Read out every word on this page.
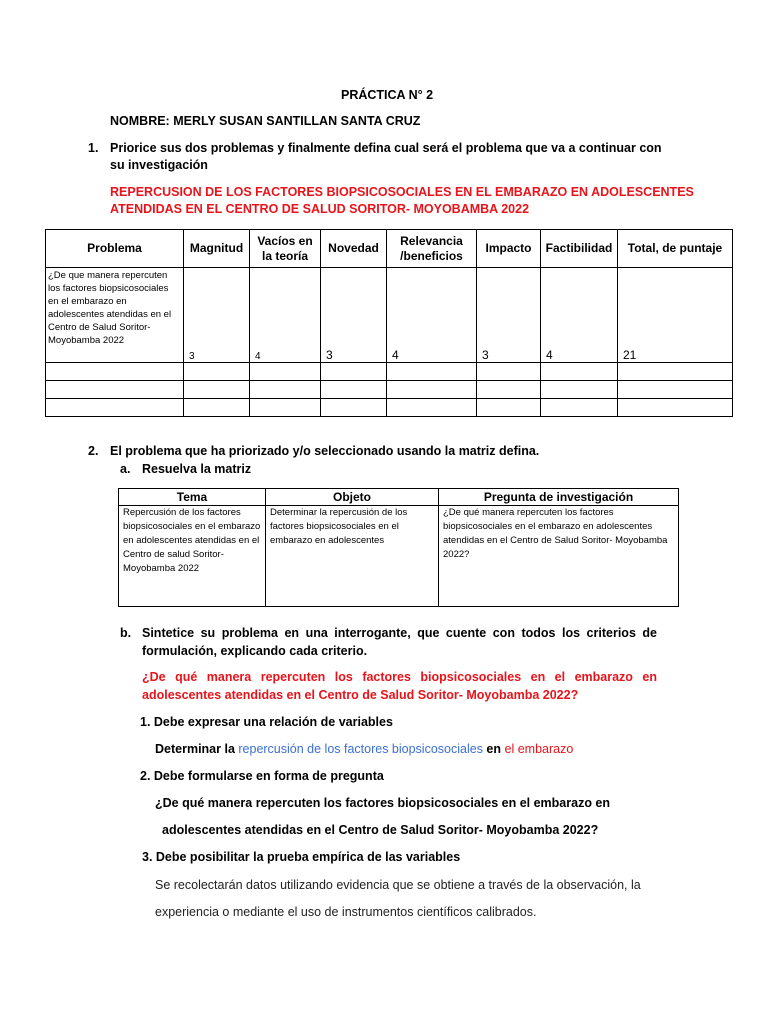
PRÁCTICA N° 2
NOMBRE: MERLY SUSAN SANTILLAN SANTA CRUZ
1. Priorice sus dos problemas y finalmente defina cual será el problema que va a continuar con
su investigación
REPERCUSION DE LOS FACTORES BIOPSICOSOCIALES EN EL EMBARAZO EN ADOLESCENTES
ATENDIDAS EN EL CENTRO DE SALUD SORITOR- MOYOBAMBA 2022
Problema	Magnitud	Vacíos en la teoría	Novedad	Relevancia /beneficios	Impacto	Factibilidad	Total, de puntaje
¿De que manera repercuten los factores biopsicosociales en el embarazo en adolescentes atendidas en el Centro de Salud Soritor- Moyobamba 2022	3	4	3	4	3	4	21

2. El problema que ha priorizado y/o seleccionado usando la matriz defina.
a. Resuelva la matriz
Tema	Objeto	Pregunta de investigación
Repercusión de los factores biopsicosociales en el embarazo en adolescentes atendidas en el Centro de salud Soritor- Moyobamba 2022	Determinar la repercusión de los factores biopsicosociales en el embarazo en adolescentes	¿De qué manera repercuten los factores biopsicosociales en el embarazo en adolescentes atendidas en el Centro de Salud Soritor- Moyobamba 2022?
b. Sintetice su problema en una interrogante, que cuente con todos los criterios de
formulación, explicando cada criterio.
¿De qué manera repercuten los factores biopsicosociales en el embarazo en
adolescentes atendidas en el Centro de Salud Soritor- Moyobamba 2022?
1. Debe expresar una relación de variables
Determinar la repercusión de los factores biopsicosociales en el embarazo
2. Debe formularse en forma de pregunta
¿De qué manera repercuten los factores biopsicosociales en el embarazo en
adolescentes atendidas en el Centro de Salud Soritor- Moyobamba 2022?
3. Debe posibilitar la prueba empírica de las variables
Se recolectarán datos utilizando evidencia que se obtiene a través de la observación, la
experiencia o mediante el uso de instrumentos científicos calibrados.
